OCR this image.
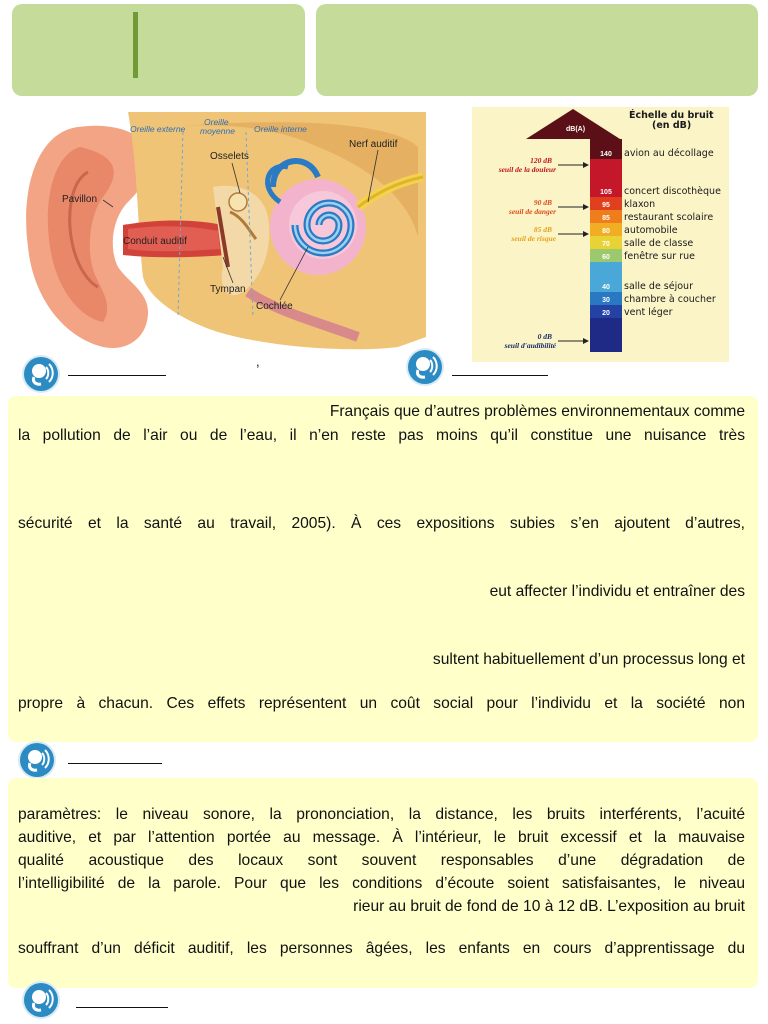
Oreille externe
Oreille
moyenne Oreille interne
Nerf auditif
Osselets
Pavillon
Conduit auditif
Tympan
Cochlée
Échelle du bruit
(en dB)
dB(A)
140 avion au décollage
105 concert discothèque
95 klaxon
85 restaurant scolaire
80 automobile
70 salle de classe
60 fenêtre sur rue
40 salle de séjour
30 chambre à coucher
20 vent léger
120 dB
seuil de la douleur
90 dB
seuil de danger
85 dB
seuil de risque
0 dB
seuil d'audibilité
,
Français que d’autres problèmes environnementaux comme
la pollution de l’air ou de l’eau, il n’en reste pas moins qu’il constitue une nuisance très
sécurité et la santé au travail, 2005). À ces expositions subies s’en ajoutent d’autres,
eut affecter l’individu et entraîner des
sultent habituellement d’un processus long et
propre à chacun. Ces effets représentent un coût social pour l’individu et la société non
paramètres: le niveau sonore, la prononciation, la distance, les bruits interférents, l’acuité
auditive, et par l’attention portée au message. À l’intérieur, le bruit excessif et la mauvaise
qualité acoustique des locaux sont souvent responsables d’une dégradation de
l’intelligibilité de la parole. Pour que les conditions d’écoute soient satisfaisantes, le niveau
rieur au bruit de fond de 10 à 12 dB. L’exposition au bruit
souffrant d’un déficit auditif, les personnes âgées, les enfants en cours d’apprentissage du
